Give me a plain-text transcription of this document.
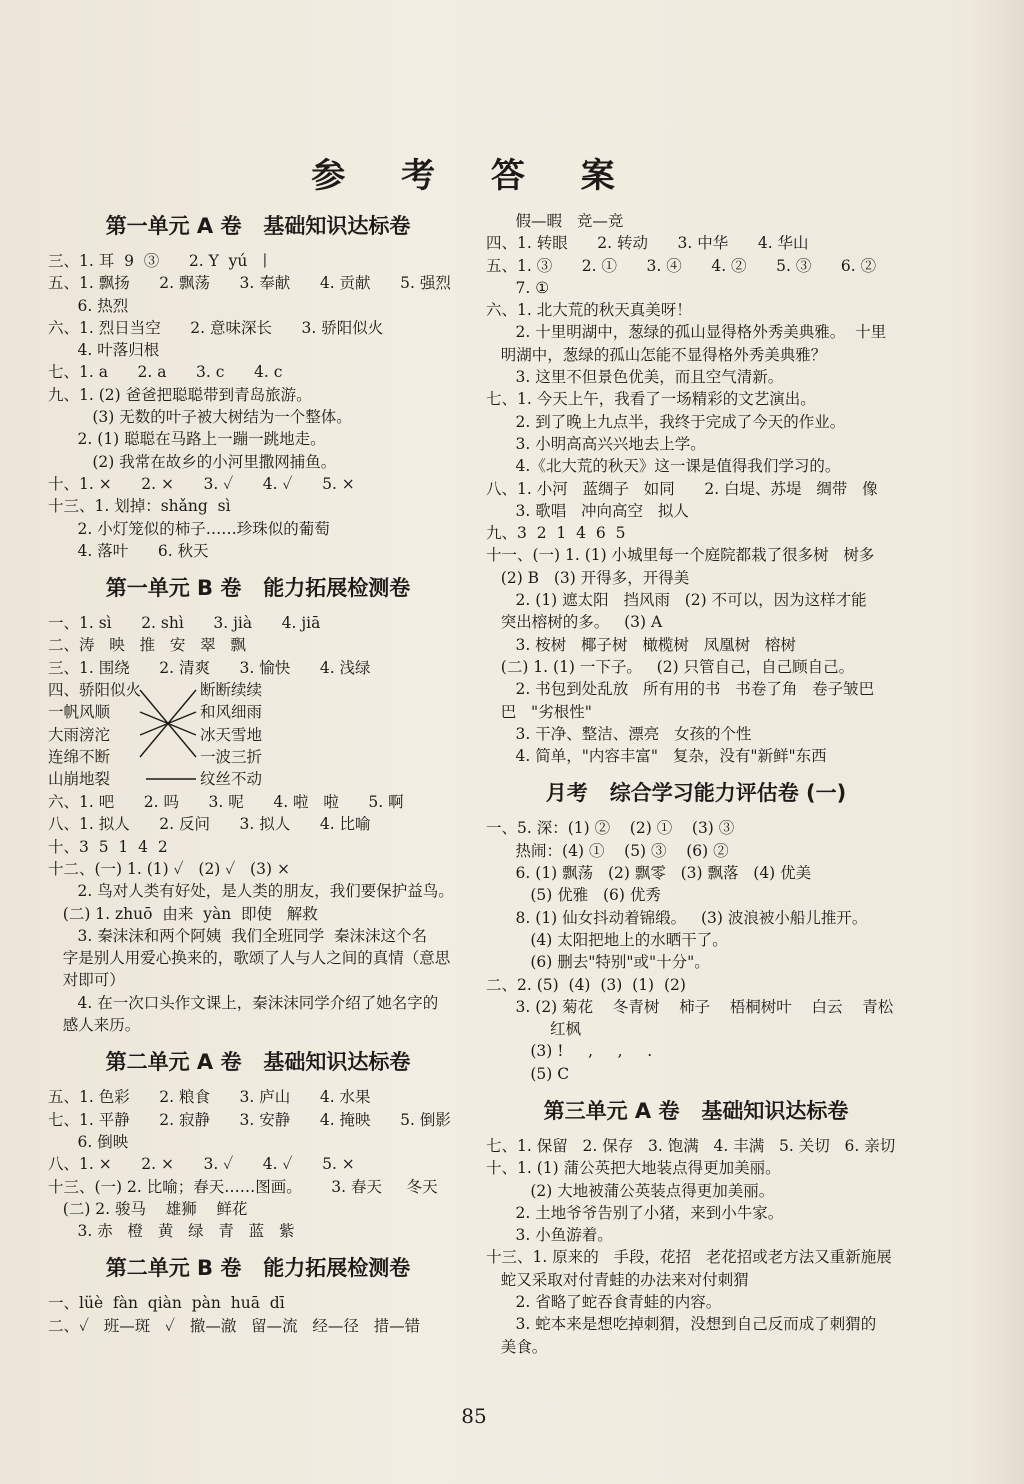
参 考 答 案
第一单元 A 卷   基础知识达标卷
三、1. 耳  9  ③      2. Y  yú  丨
五、1. 飘扬      2. 飘荡      3. 奉献      4. 贡献      5. 强烈
6. 热烈
六、1. 烈日当空      2. 意味深长      3. 骄阳似火
4. 叶落归根
七、1. a      2. a      3. c      4. c
九、1. (2) 爸爸把聪聪带到青岛旅游。
(3) 无数的叶子被大树结为一个整体。
2. (1) 聪聪在马路上一蹦一跳地走。
(2) 我常在故乡的小河里撒网捕鱼。
十、1. ×      2. ×      3. ✓      4. ✓      5. ×
十三、1. 划掉：shǎng  sì
2. 小灯笼似的柿子……珍珠似的葡萄
4. 落叶      6. 秋天
第一单元 B 卷   能力拓展检测卷
一、1. sì      2. shì      3. jià      4. jiā
二、涛   映   推   安   翠   飘
三、1. 围绕      2. 清爽      3. 愉快      4. 浅绿
四、骄阳似火
一帆风顺
大雨滂沱
连绵不断
山崩地裂
断断续续
和风细雨
冰天雪地
一波三折
纹丝不动
六、1. 吧      2. 吗      3. 呢      4. 啦   啦      5. 啊
八、1. 拟人      2. 反问      3. 拟人      4. 比喻
十、3  5  1  4  2
十二、(一) 1. (1) ✓   (2) ✓   (3) ×
2. 鸟对人类有好处，是人类的朋友，我们要保护益鸟。
(二) 1. zhuō  由来  yàn  即使   解救
3. 秦沫沫和两个阿姨  我们全班同学  秦沫沫这个名
字是别人用爱心换来的，歌颂了人与人之间的真情（意思
对即可）
4. 在一次口头作文课上，秦沫沫同学介绍了她名字的
感人来历。
第二单元 A 卷   基础知识达标卷
五、1. 色彩      2. 粮食      3. 庐山      4. 水果
七、1. 平静      2. 寂静      3. 安静      4. 掩映      5. 倒影
6. 倒映
八、1. ×      2. ×      3. ✓      4. ✓      5. ×
十三、(一) 2. 比喻；春天……图画。      3. 春天     冬天
(二) 2. 骏马    雄狮    鲜花
3. 赤   橙   黄   绿   青   蓝   紫
第二单元 B 卷   能力拓展检测卷
一、lüè  fàn  qiàn  pàn  huā  dī
二、✓   班—斑   ✓   撤—澈   留—流   经—径   措—错
假—暇   竞—竞
四、1. 转眼      2. 转动      3. 中华      4. 华山
五、1. ③      2. ①      3. ④      4. ②      5. ③      6. ②
7. ①
六、1. 北大荒的秋天真美呀！
2. 十里明湖中，葱绿的孤山显得格外秀美典雅。  十里
明湖中，葱绿的孤山怎能不显得格外秀美典雅？
3. 这里不但景色优美，而且空气清新。
七、1. 今天上午，我看了一场精彩的文艺演出。
2. 到了晚上九点半，我终于完成了今天的作业。
3. 小明高高兴兴地去上学。
4.《北大荒的秋天》这一课是值得我们学习的。
八、1. 小河   蓝绸子   如同      2. 白堤、苏堤   绸带   像
3. 歌唱   冲向高空   拟人
九、3  2  1  4  6  5
十一、(一) 1. (1) 小城里每一个庭院都栽了很多树   树多
(2) B   (3) 开得多，开得美
2. (1) 遮太阳   挡风雨   (2) 不可以，因为这样才能
突出榕树的多。   (3) A
3. 桉树   椰子树   橄榄树   凤凰树   榕树
(二) 1. (1) 一下子。   (2) 只管自己，自己顾自己。
2. 书包到处乱放   所有用的书   书卷了角   卷子皱巴
巴   "劣根性"
3. 干净、整洁、漂亮   女孩的个性
4. 简单，"内容丰富"   复杂，没有"新鲜"东西
月考   综合学习能力评估卷 (一)
一、5. 深：(1) ②    (2) ①    (3) ③
热闹：(4) ①    (5) ③    (6) ②
6. (1) 飘荡   (2) 飘零   (3) 飘落   (4) 优美
(5) 优雅   (6) 优秀
8. (1) 仙女抖动着锦缎。   (3) 波浪被小船儿推开。
(4) 太阳把地上的水晒干了。
(6) 删去"特别"或"十分"。
二、2. (5)  (4)  (3)  (1)  (2)
3. (2) 菊花    冬青树    柿子    梧桐树叶    白云    青松
红枫
(3) !     ,     ,     .
(5) C
第三单元 A 卷   基础知识达标卷
七、1. 保留   2. 保存   3. 饱满   4. 丰满   5. 关切   6. 亲切
十、1. (1) 蒲公英把大地装点得更加美丽。
(2) 大地被蒲公英装点得更加美丽。
2. 土地爷爷告别了小猪，来到小牛家。
3. 小鱼游着。
十三、1. 原来的   手段，花招   老花招或老方法又重新施展
蛇又采取对付青蛙的办法来对付刺猬
2. 省略了蛇吞食青蛙的内容。
3. 蛇本来是想吃掉刺猬，没想到自己反而成了刺猬的
美食。
85
